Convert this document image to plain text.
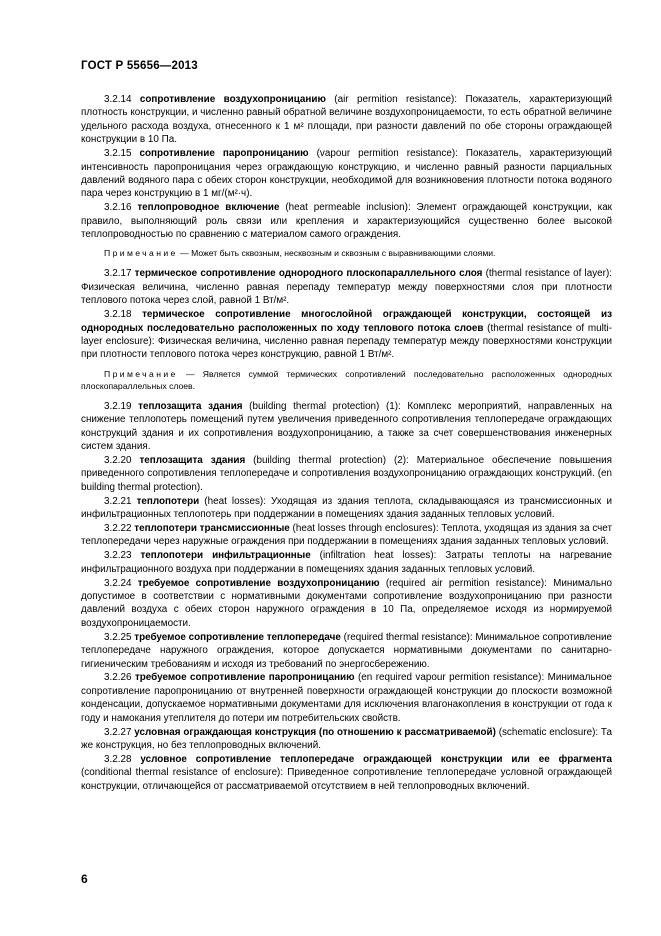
ГОСТ Р 55656—2013

3.2.14 сопротивление воздухопроницанию (air permition resistance): Показатель, характеризующий плотность конструкции, и численно равный обратной величине воздухопроницаемости, то есть обратной величине удельного расхода воздуха, отнесенного к 1 м² площади, при разности давлений по обе стороны ограждающей конструкции в 10 Па.

3.2.15 сопротивление паропроницанию (vapour permition resistance): Показатель, характеризующий интенсивность паропроницания через ограждающую конструкцию, и численно равный разности парциальных давлений водяного пара с обеих сторон конструкции, необходимой для возникновения плотности потока водяного пара через конструкцию в 1 мг/(м²·ч).

3.2.16 теплопроводное включение (heat permeable inclusion): Элемент ограждающей конструкции, как правило, выполняющий роль связи или крепления и характеризующийся существенно более высокой теплопроводностью по сравнению с материалом самого ограждения.

Примечание — Может быть сквозным, несквозным и сквозным с выравнивающими слоями.

3.2.17 термическое сопротивление однородного плоскопараллельного слоя (thermal resistance of layer): Физическая величина, численно равная перепаду температур между поверхностями слоя при плотности теплового потока через слой, равной 1 Вт/м².

3.2.18 термическое сопротивление многослойной ограждающей конструкции, состоящей из однородных последовательно расположенных по ходу теплового потока слоев (thermal resistance of multi-layer enclosure): Физическая величина, численно равная перепаду температур между поверхностями конструкции при плотности теплового потока через конструкцию, равной 1 Вт/м².

Примечание — Является суммой термических сопротивлений последовательно расположенных однородных плоскопараллельных слоев.

3.2.19 теплозащита здания (building thermal protection) (1): Комплекс мероприятий, направленных на снижение теплопотерь помещений путем увеличения приведенного сопротивления теплопередаче ограждающих конструкций здания и их сопротивления воздухопроницанию, а также за счет совершенствования инженерных систем здания.

3.2.20 теплозащита здания (building thermal protection) (2): Материальное обеспечение повышения приведенного сопротивления теплопередаче и сопротивления воздухопроницанию ограждающих конструкций. (en building thermal protection).

3.2.21 теплопотери (heat losses): Уходящая из здания теплота, складывающаяся из трансмиссионных и инфильтрационных теплопотерь при поддержании в помещениях здания заданных тепловых условий.

3.2.22 теплопотери трансмиссионные (heat losses through enclosures): Теплота, уходящая из здания за счет теплопередачи через наружные ограждения при поддержании в помещениях здания заданных тепловых условий.

3.2.23 теплопотери инфильтрационные (infiltration heat losses): Затраты теплоты на нагревание инфильтрационного воздуха при поддержании в помещениях здания заданных тепловых условий.

3.2.24 требуемое сопротивление воздухопроницанию (required air permition resistance): Минимально допустимое в соответствии с нормативными документами сопротивление воздухопроницанию при разности давлений воздуха с обеих сторон наружного ограждения в 10 Па, определяемое исходя из нормируемой воздухопроницаемости.

3.2.25 требуемое сопротивление теплопередаче (required thermal resistance): Минимальное сопротивление теплопередаче наружного ограждения, которое допускается нормативными документами по санитарно-гигиеническим требованиям и исходя из требований по энергосбережению.

3.2.26 требуемое сопротивление паропроницанию (en required vapour permition resistance): Минимальное сопротивление паропроницанию от внутренней поверхности ограждающей конструкции до плоскости возможной конденсации, допускаемое нормативными документами для исключения влагонакопления в конструкции от года к году и намокания утеплителя до потери им потребительских свойств.

3.2.27 условная ограждающая конструкция (по отношению к рассматриваемой) (schematic enclosure): Та же конструкция, но без теплопроводных включений.

3.2.28 условное сопротивление теплопередаче ограждающей конструкции или ее фрагмента (conditional thermal resistance of enclosure): Приведенное сопротивление теплопередаче условной ограждающей конструкции, отличающейся от рассматриваемой отсутствием в ней теплопроводных включений.

6
